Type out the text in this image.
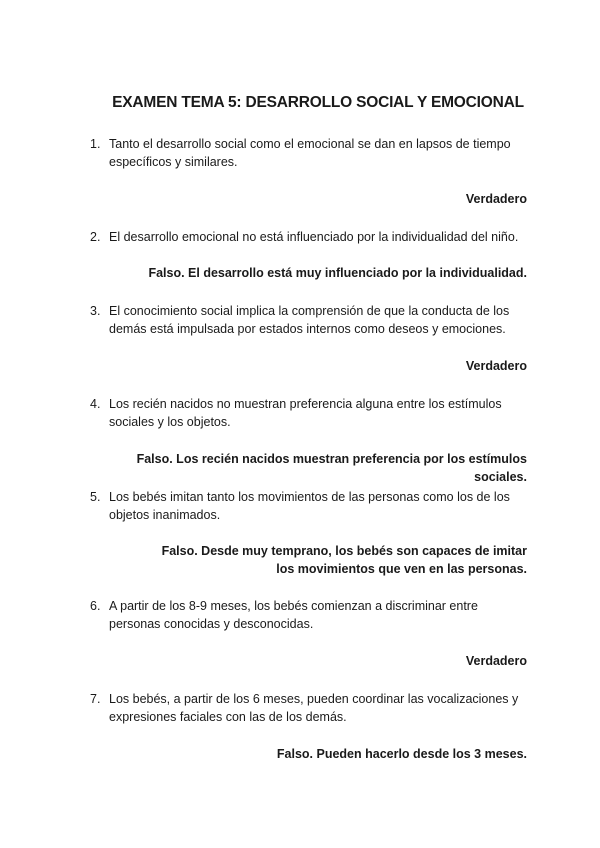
EXAMEN TEMA 5: DESARROLLO SOCIAL Y EMOCIONAL
1. Tanto el desarrollo social como el emocional se dan en lapsos de tiempo específicos y similares.
Verdadero
2. El desarrollo emocional no está influenciado por la individualidad del niño.
Falso. El desarrollo está muy influenciado por la individualidad.
3. El conocimiento social implica la comprensión de que la conducta de los demás está impulsada por estados internos como deseos y emociones.
Verdadero
4. Los recién nacidos no muestran preferencia alguna entre los estímulos sociales y los objetos.
Falso. Los recién nacidos muestran preferencia por los estímulos sociales.
5. Los bebés imitan tanto los movimientos de las personas como los de los objetos inanimados.
Falso. Desde muy temprano, los bebés son capaces de imitar los movimientos que ven en las personas.
6. A partir de los 8-9 meses, los bebés comienzan a discriminar entre personas conocidas y desconocidas.
Verdadero
7. Los bebés, a partir de los 6 meses, pueden coordinar las vocalizaciones y expresiones faciales con las de los demás.
Falso. Pueden hacerlo desde los 3 meses.
